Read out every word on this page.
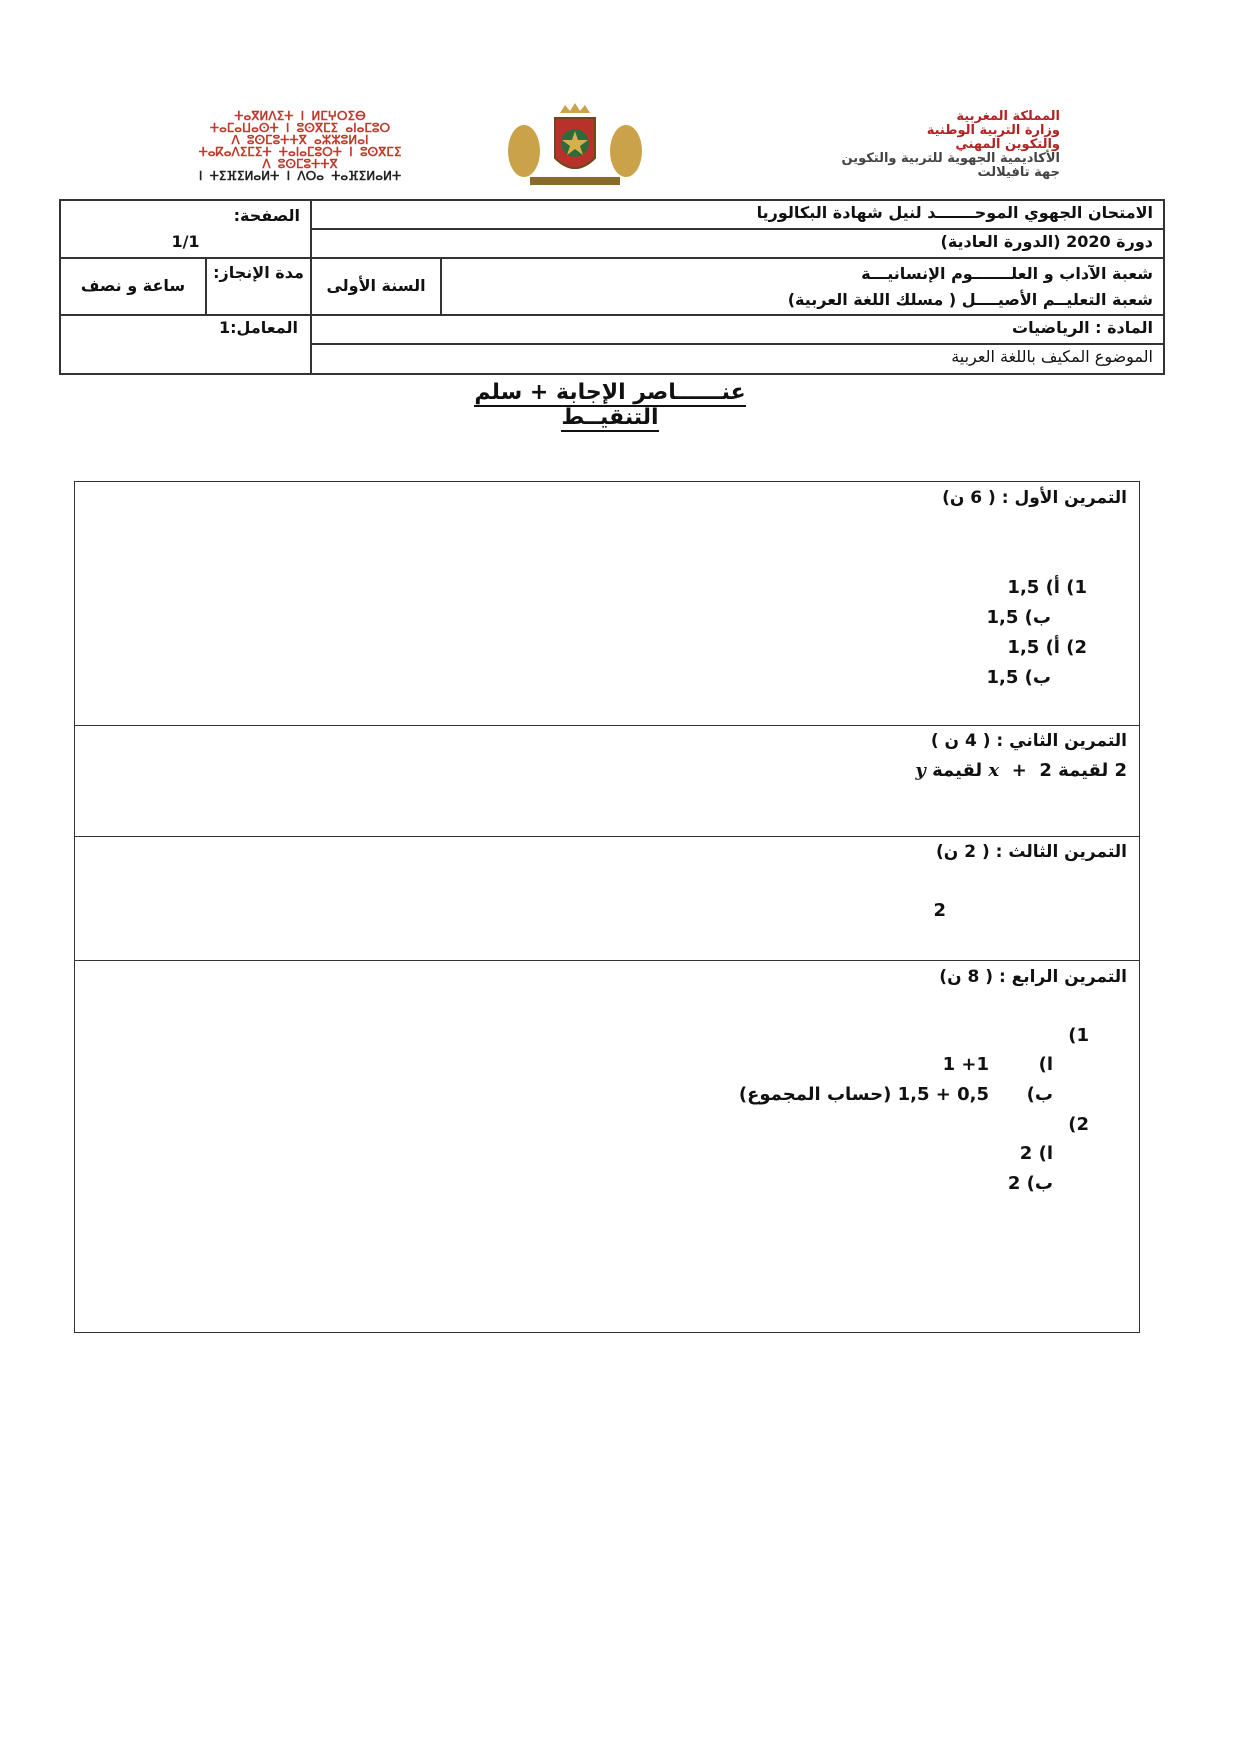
ⵜⴰⴳⵍⴷⵉⵜ ⵏ ⵍⵎⵖⵔⵉⴱ
ⵜⴰⵎⴰⵡⴰⵙⵜ ⵏ ⵓⵙⴳⵎⵉ ⴰⵏⴰⵎⵓⵔ
ⴷ ⵓⵙⵎⵓⵜⵜⴳ ⴰⵣⵣⵓⵍⴰⵏ
ⵜⴰⴽⴰⴷⵉⵎⵉⵜ ⵜⴰⵏⴰⵎⵓⵔⵜ ⵏ ⵓⵙⴳⵎⵉ
ⴷ ⵓⵙⵎⵓⵜⵜⴳ
ⵏ ⵜⵉⴼⵉⵍⴰⵍⵜ ⵏ ⴷⵔⴰ ⵜⴰⴼⵉⵍⴰⵍⵜ
المملكة المغربية
وزارة التربية الوطنية
والتكوين المهني
الأكاديمية الجهوية للتربية والتكوين
جهة تافيلالت
الامتحان الجهوي الموحـــــــد لنيل شهادة البكالوريا
دورة 2020 (الدورة العادية)
شعبة الآداب و العلـــــــوم الإنسانيـــة
شعبة التعليــم الأصيــــل ( مسلك اللغة العربية)
السنة الأولى
المادة : الرياضيات
الموضوع المكيف باللغة العربية
الصفحة:
1/1
مدة الإنجاز:
ساعة و نصف
المعامل:1
عنــــــاصر الإجابة + سلم التنقيــط
التمرين الأول : ( 6 ن)
1) أ) 1,5
ب) 1,5
2) أ) 1,5
ب) 1,5
التمرين الثاني : ( 4 ن )
2 لقيمة x +  2 لقيمة y
التمرين الثالث : ( 2 ن)
2
التمرين الرابع : ( 8 ن)
(1
ا)
1 +1
ب)
0,5 + 1,5 (حساب المجموع)
(2
ا) 2
ب) 2
